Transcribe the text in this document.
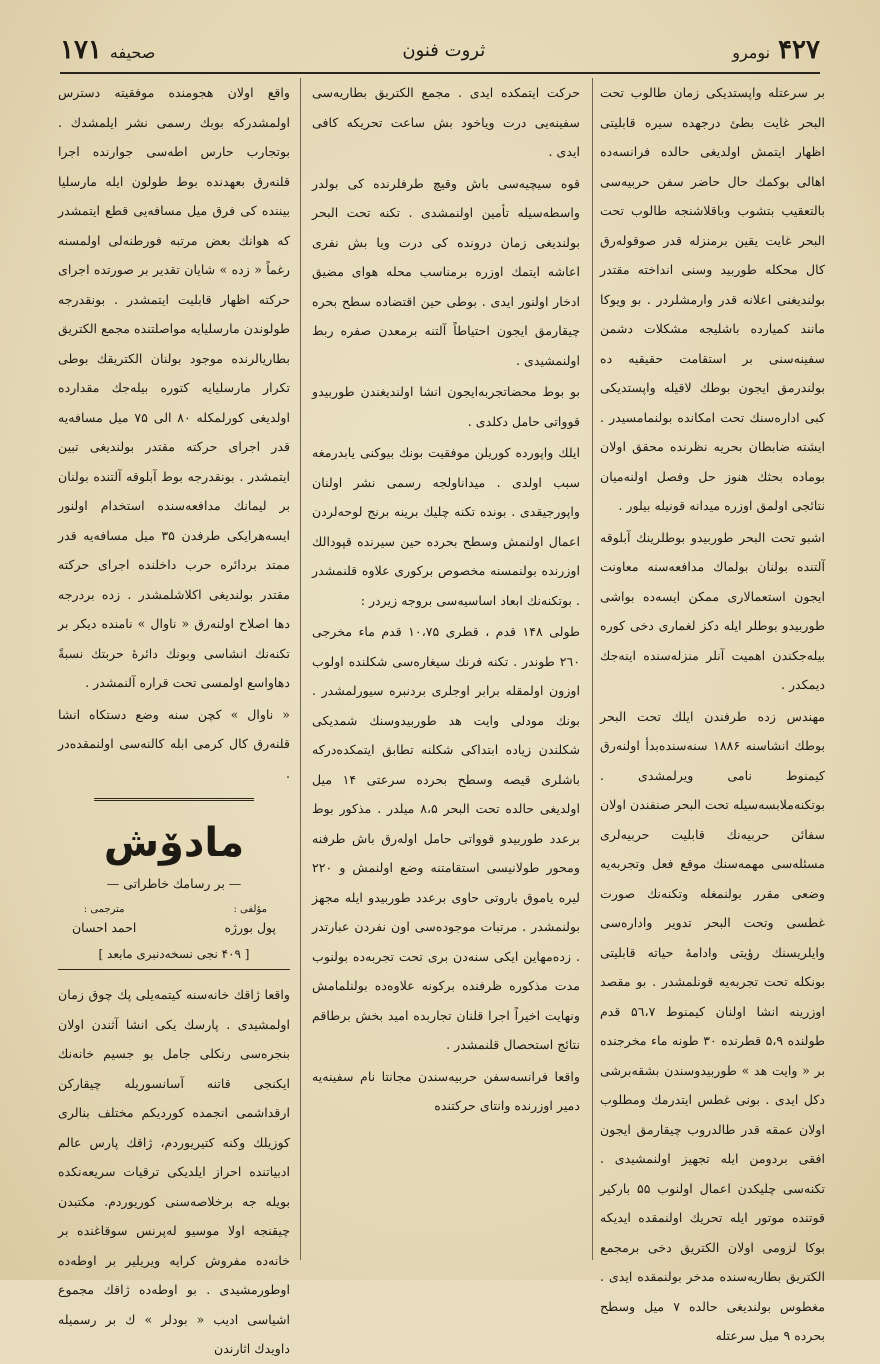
۴۲۷
نومرو
ثروت فنون
صحيفه
۱۷۱

بر سرعتله واپستدیکی زمان طالوب تحت البحر غايت بطئ درجهده سيره قابليتی اظهار ايتمش اولديغی حالده فرانسەده اهالی بوكمك حال حاضر سفن حربيەسی بالتعقيب بتشوب وباقلاشنجه طالوب تحت البحر غايت يقين برمنزله قدر صوقولەرق كال محكله طوربيد وسنی انداخته مقتدر بولنديغنی اعلانه قدر وارمشلردر . بو ويوكا مانند كميارده باشليجه مشكلات دشمن سفينەسنی بر استقامت حقيقيه ده بولندرمق ايجون بوطك لاقيله واپستدیكی كبی ادارەسنك تحت امكانده بولنمامسيدر . ايشته ضابطان بحريه نظرنده محقق اولان بوماده بحثك هنوز حل وفصل اولنەميان نتائجی اولمق اوزره ميدانه قونيله بيلور .

اشبو تحت البحر طوربيدو بوطلرينك آبلوقه آلتنده بولنان بولماك مدافعەسنه معاونت ايجون استعمالاری ممكن ايسەده بواشی طوربيدو بوطلر ايله دكز لغماری دخی كوره بيلەجكندن اهميت آنلر منزلەسنده اينەجك ديمكدر .

مهندس زده طرفندن ايلك تحت البحر بوطك انشاسنه ۱۸۸۶ سنەسندەبدأ اولنەرق كيمنوط نامی ويرلمشدی . بوتكنەملابسەسيله تحت البحر صنفندن اولان سفائن حربيەنك قابليت حربيەلری مسئلەسی مهمەسنك موقع فعل وتجربەيه وضعی مقرر بولنمغله وتكنەنك صورت غطسی وتحت البحر تدوير وادارەسی وايلريسنك رؤيتی وادامۀ حياته قابليتی بونكله تحت تجربەيه قونلمشدر . بو مقصد اوزرينه انشا اولنان كيمنوط ۵٦،۷ قدم طولنده ۵،۹ قطرنده ۳۰ طونه ماء مخرجنده بر « وايت هد » طوربيدوسندن بشقەبرشی دكل ايدی . بونی غطس ايتدرمك ومطلوب اولان عمقه قدر طالدروب چيقارمق ايجون افقی بردومن ايله تجهيز اولنمشيدی . تكنەسی چليكدن اعمال اولنوب ۵۵ باركير قوتنده موتور ايله تحريك اولنمقده ايدیكه بوكا لزومی اولان الكتريق دخی برمجمع الكتريق بطاريەسنده مدخر بولنمقده ايدی . مغطوس بولنديغی حالده ۷ ميل وسطح بحرده ۹ ميل سرعتله

حركت ايتمكده ايدی . مجمع الكتريق بطاريەسی سفينەيی درت وياخود بش ساعت تحريكه كافی ايدی .

قوه سيچيەسی باش وقيچ طرفلرنده كی بولدر واسطەسيله تأمين اولنمشدی . تكنه تحت البحر بولنديغی زمان درونده كی درت ويا بش نفری اعاشه ايتمك اوزره برمناسب محله هوای مضيق ادخار اولنور ايدی . بوطی حين اقتضاده سطح بحره چيقارمق ايجون احتياطاً آلتنه برمعدن صفره ربط اولنمشيدی .

بو بوط محضاتجربەايجون انشا اولنديغندن طوربيدو قوواتی حامل دكلدی .

ايلك واپورده كوريلن موفقيت بونك بيوكنی يابدرمغه سبب اولدی . ميداناولجه رسمی نشر اولنان واپورجيقدی . بونده تكنه چليك برينه برنج لوحەلردن اعمال اولنمش وسطح بحرده حين سيرنده قپودالك اوزرنده بولنمسنه مخصوص بركوری علاوه قلنمشدر . بوتكنەنك ابعاد اساسيەسی بروجه زيردر :

طولی ۱۴۸ قدم ، قطری ۱۰،۷۵ قدم ماء مخرجی ۲٦۰ طوندر . تكنه فرنك سيغارەسی شكلنده اولوب اوزون اولمقله برابر اوجلری بردنبره سيورلمشدر . بونك مودلی وايت هد طوربيدوسنك شمديكی شكلندن زياده ابتداكی شكلنه تطابق ايتمكدەدركه باشلری قيصه وسطح بحرده سرعتی ۱۴ ميل اولديغی حالده تحت البحر ۸،۵ ميلدر . مذكور بوط برعدد طوربيدو قوواتی حامل اولەرق باش طرفنه ومحور طولانيسی استقامتنه وضع اولنمش و ۲۲۰ ليره ياموق باروتی حاوی برعدد طوربيدو ايله مجهز بولنمشدر . مرتبات موجودەسی اون نفردن عبارتدر . زدەمهاين ايكی سنەدن بری تحت تجربەده بولنوب مدت مذكوره ظرفنده بركونه علاوەده بولنلمامش ونهايت اخيراً اجرا قلنان تجاربده اميد بخش برطاقم نتائج استحصال قلنمشدر .

واقعا فرانسەسفن حربيەسندن مجانتا نام سفينەيه دمير اوزرنده وانتای حركتنده

واقع اولان هجومنده موفقيته دسترس اولمشدركه بوبك رسمی نشر ايلمشدك . بوتجارب حارس اطەسی جوارنده اجرا قلنەرق بعهدنده بوط طولون ايله مارسليا بيننده كی فرق ميل مسافەيی قطع ايتمشدر كه هوانك بعض مرتبه فورطنەلی اولمسنه رغماً « زده » شايان تقدير بر صورتده اجرای حركته اظهار قابليت ايتمشدر . بونقدرجه طولوندن مارسليايه مواصلتنده مجمع الكتريق بطاريالرنده موجود بولنان الكتريقك بوطی تكرار مارسليايه كتوره بيلەجك مقدارده اولديغی كورلمكله ۸۰ الی ۷۵ ميل مسافەيه قدر اجرای حركته مقتدر بولنديغی تبين ايتمشدر . بونقدرجه بوط آبلوقه آلتنده بولنان بر ليمانك مدافعەسنده استخدام اولنور ايسەهرايكی طرفدن ۳۵ ميل مسافەيه قدر ممتد بردائره حرب داخلنده اجرای حركته مقتدر بولنديغی اكلاشلمشدر . زده بردرجه دها اصلاح اولنەرق « ناوال » نامنده ديكر بر تكنەنك انشاسی وبونك دائرهٔ حربتك نسبةً دهاواسع اولمسی تحت قراره آلنمشدر .

« ناوال » كچن سنه وضع دستكاه انشا قلنەرق كال كرمی ابله كالنەسی اولنمقدەدر .

مادۆش
— بر رسامك خاطراتی —
مؤلفی :
پول بورژه
مترجمی :
احمد احسان
[ ۴۰۹ نجی نسخەدنبری مابعد ]

واقعا ژاقك خانەسنه كيتمەيلی پك چوق زمان اولمشيدی . پارسك يكی انشا آثندن اولان بنجرەسی رنكلی جامل بو جسيم خانەنك ايكنجی قاتنه آسانسوريله چيقاركن ارقداشمی انجمده كوردیكم مختلف بنالری كوزيلك وكنه كتيريوردم، ژاقك پارس عالم ادبياتنده احراز ايلديكی ترقيات سريعەنكده بويله جه برخلاصەسنی كوريوردم. مكتبدن چيقنجه اولا موسيو لەپرنس سوقاغنده بر خانەده مفروش كرايه ويريلير بر اوطەده اوطورمشيدی . بو اوطەده ژاقك مجموع اشياسی ادیب « بودلر » ك بر رسميله داويدك اثارندن
